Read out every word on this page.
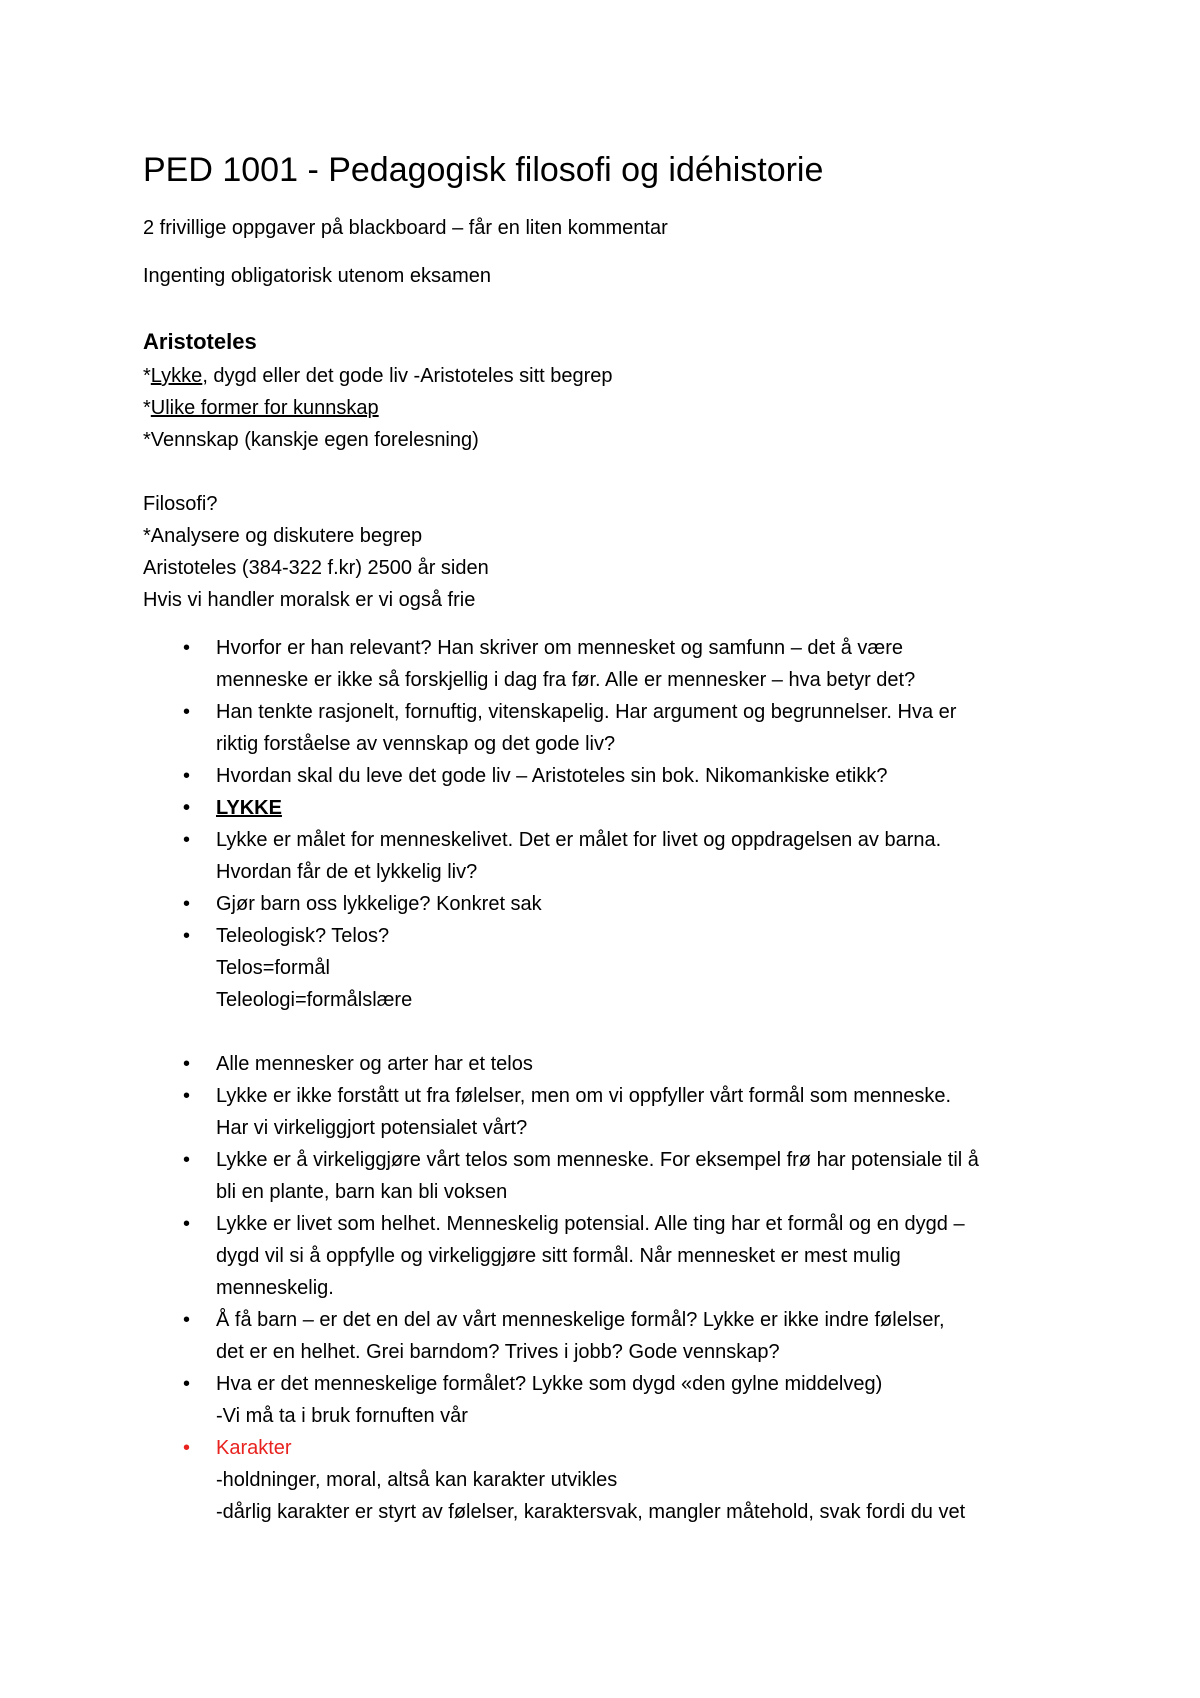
PED 1001 - Pedagogisk filosofi og idéhistorie

2 frivillige oppgaver på blackboard – får en liten kommentar

Ingenting obligatorisk utenom eksamen

Aristoteles
*Lykke, dygd eller det gode liv -Aristoteles sitt begrep
*Ulike former for kunnskap
*Vennskap (kanskje egen forelesning)
Filosofi?
*Analysere og diskutere begrep
Aristoteles (384-322 f.kr) 2500 år siden
Hvis vi handler moralsk er vi også frie
• Hvorfor er han relevant? Han skriver om mennesket og samfunn – det å være
menneske er ikke så forskjellig i dag fra før. Alle er mennesker – hva betyr det?
• Han tenkte rasjonelt, fornuftig, vitenskapelig. Har argument og begrunnelser. Hva er
riktig forståelse av vennskap og det gode liv?
• Hvordan skal du leve det gode liv – Aristoteles sin bok. Nikomankiske etikk?
• LYKKE
• Lykke er målet for menneskelivet. Det er målet for livet og oppdragelsen av barna.
Hvordan får de et lykkelig liv?
• Gjør barn oss lykkelige? Konkret sak
• Teleologisk? Telos?
Telos=formål
Teleologi=formålslære
• Alle mennesker og arter har et telos
• Lykke er ikke forstått ut fra følelser, men om vi oppfyller vårt formål som menneske.
Har vi virkeliggjort potensialet vårt?
• Lykke er å virkeliggjøre vårt telos som menneske. For eksempel frø har potensiale til å
bli en plante, barn kan bli voksen
• Lykke er livet som helhet. Menneskelig potensial. Alle ting har et formål og en dygd –
dygd vil si å oppfylle og virkeliggjøre sitt formål. Når mennesket er mest mulig
menneskelig.
• Å få barn – er det en del av vårt menneskelige formål? Lykke er ikke indre følelser,
det er en helhet. Grei barndom? Trives i jobb? Gode vennskap?
• Hva er det menneskelige formålet? Lykke som dygd «den gylne middelveg)
-Vi må ta i bruk fornuften vår
• Karakter
-holdninger, moral, altså kan karakter utvikles
-dårlig karakter er styrt av følelser, karaktersvak, mangler måtehold, svak fordi du vet
